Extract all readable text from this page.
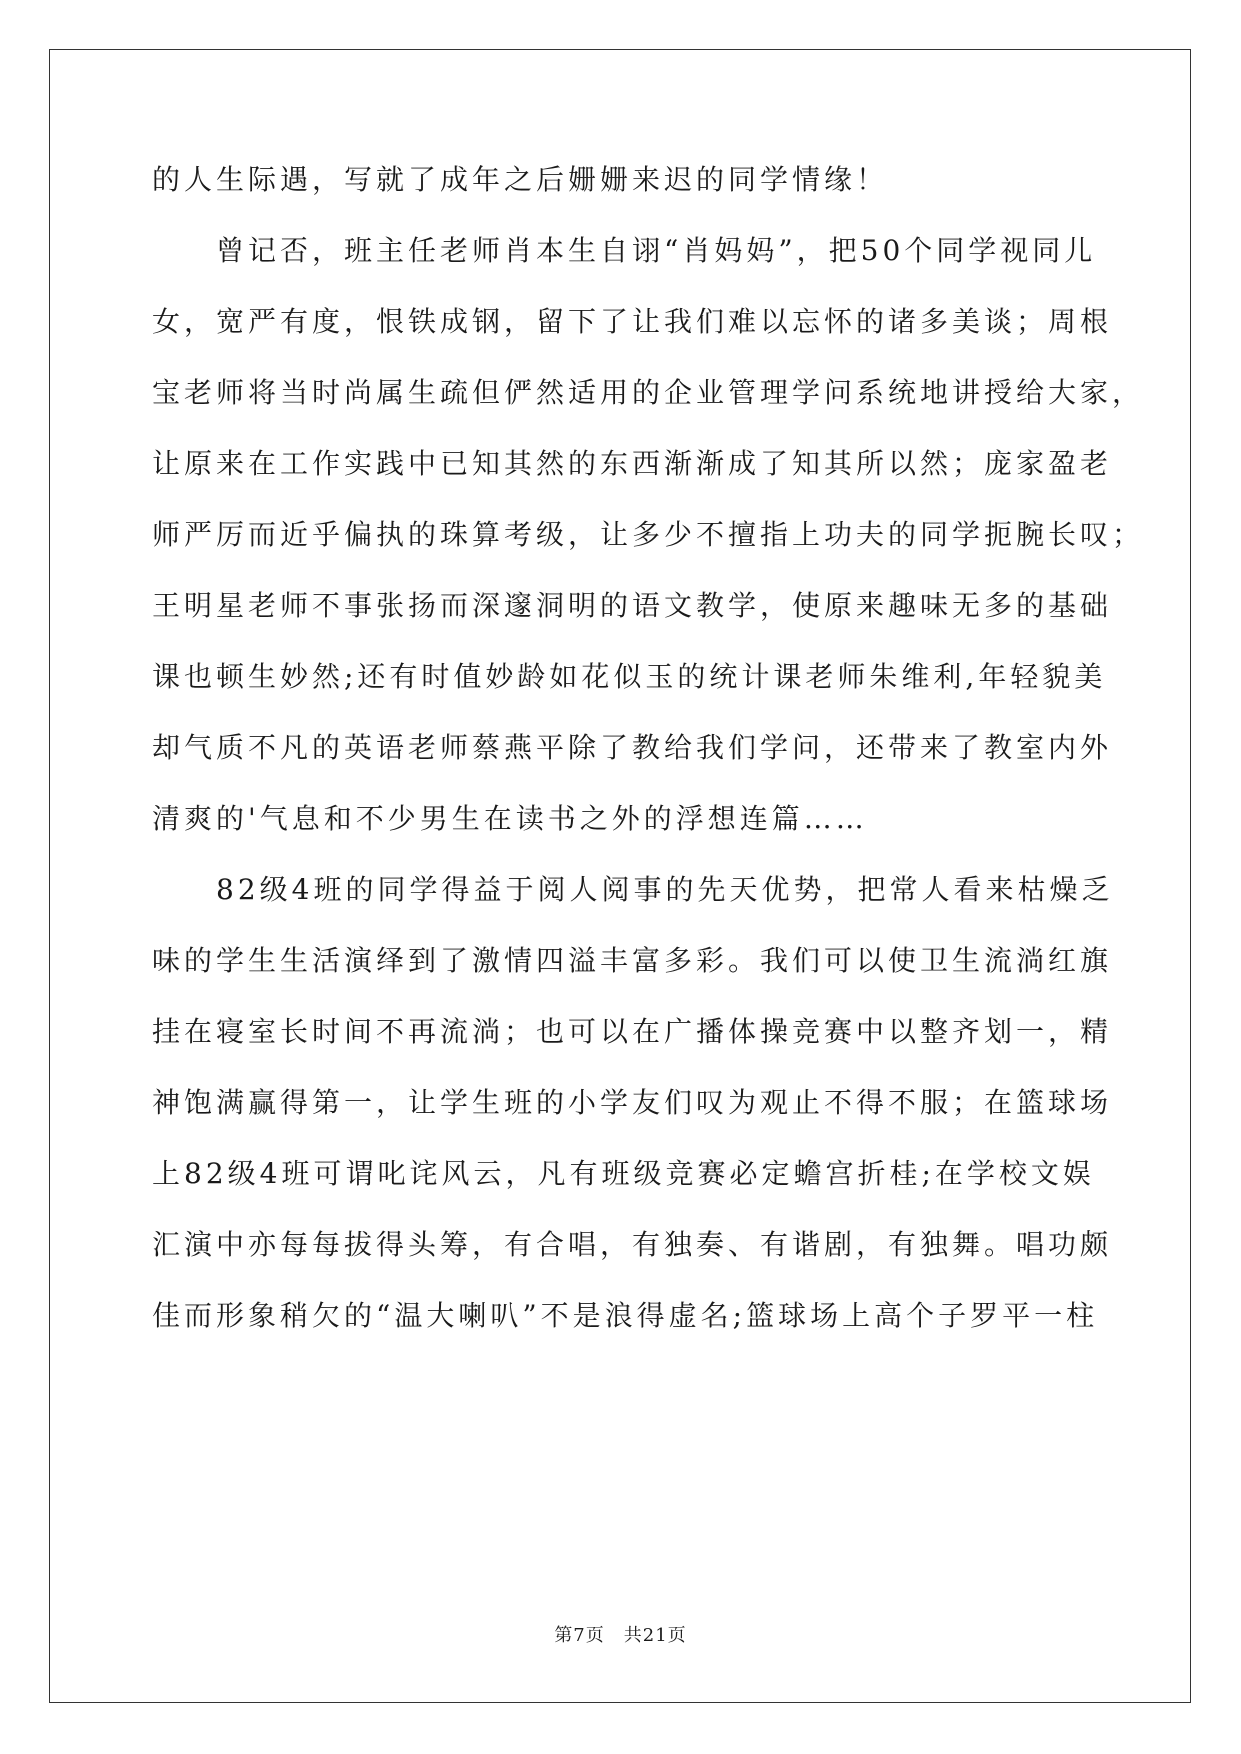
的人生际遇，写就了成年之后姗姗来迟的同学情缘！
　　曾记否，班主任老师肖本生自诩“肖妈妈”，把50个同学视同儿
女，宽严有度，恨铁成钢，留下了让我们难以忘怀的诸多美谈；周根
宝老师将当时尚属生疏但俨然适用的企业管理学问系统地讲授给大家，
让原来在工作实践中已知其然的东西渐渐成了知其所以然；庞家盈老
师严厉而近乎偏执的珠算考级，让多少不擅指上功夫的同学扼腕长叹；
王明星老师不事张扬而深邃洞明的语文教学，使原来趣味无多的基础
课也顿生妙然;还有时值妙龄如花似玉的统计课老师朱维利,年轻貌美
却气质不凡的英语老师蔡燕平除了教给我们学问，还带来了教室内外
清爽的'气息和不少男生在读书之外的浮想连篇……
　　82级4班的同学得益于阅人阅事的先天优势，把常人看来枯燥乏
味的学生生活演绎到了激情四溢丰富多彩。我们可以使卫生流淌红旗
挂在寝室长时间不再流淌；也可以在广播体操竞赛中以整齐划一，精
神饱满赢得第一，让学生班的小学友们叹为观止不得不服；在篮球场
上82级4班可谓叱诧风云，凡有班级竞赛必定蟾宫折桂;在学校文娱
汇演中亦每每拔得头筹，有合唱，有独奏、有谐剧，有独舞。唱功颇
佳而形象稍欠的“温大喇叭”不是浪得虚名;篮球场上高个子罗平一柱
第7页　共21页
